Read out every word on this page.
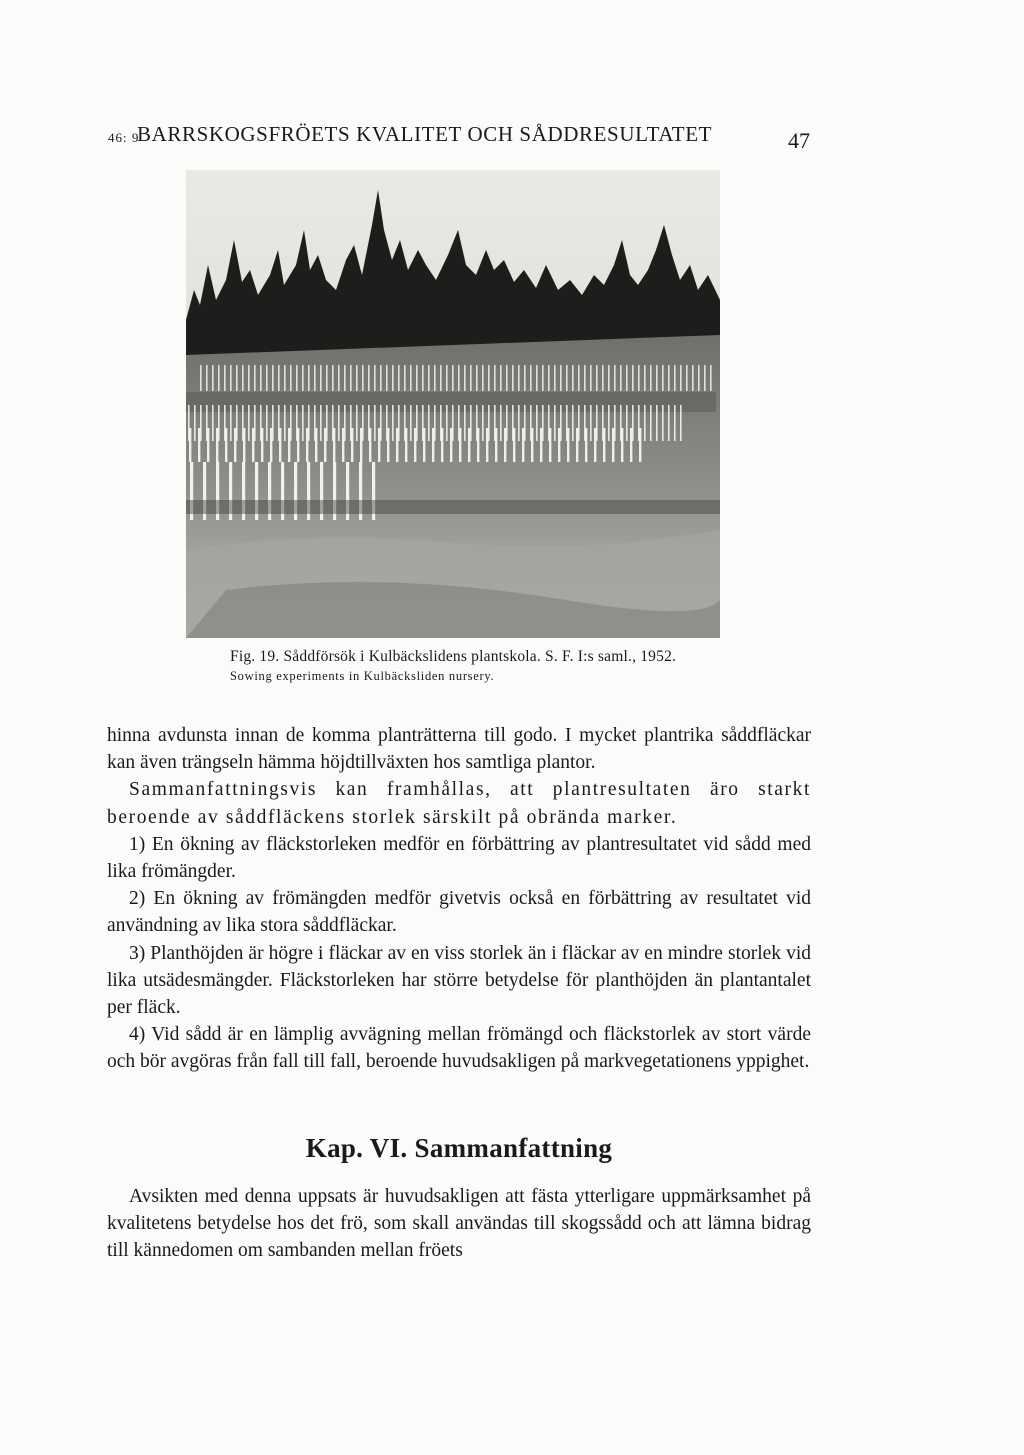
46: 9
BARRSKOGSFRÖETS KVALITET OCH SÅDDRESULTATET	47
Fig. 19. Såddförsök i Kulbäckslidens plantskola. S. F. I:s saml., 1952.
Sowing experiments in Kulbäcksliden nursery.

hinna avdunsta innan de komma planträtterna till godo. I mycket plantrika såddfläckar kan även trängseln hämma höjdtillväxten hos samtliga plantor.

Sammanfattningsvis kan framhållas, att plantresultaten äro starkt beroende av såddfläckens storlek särskilt på obrända marker.

1) En ökning av fläckstorleken medför en förbättring av plantresultatet vid sådd med lika frömängder.

2) En ökning av frömängden medför givetvis också en förbättring av resultatet vid användning av lika stora såddfläckar.

3) Planthöjden är högre i fläckar av en viss storlek än i fläckar av en mindre storlek vid lika utsädesmängder. Fläckstorleken har större betydelse för planthöjden än plantantalet per fläck.

4) Vid sådd är en lämplig avvägning mellan frömängd och fläckstorlek av stort värde och bör avgöras från fall till fall, beroende huvudsakligen på markvegetationens yppighet.

Kap. VI. Sammanfattning

Avsikten med denna uppsats är huvudsakligen att fästa ytterligare uppmärksamhet på kvalitetens betydelse hos det frö, som skall användas till skogssådd och att lämna bidrag till kännedomen om sambanden mellan fröets
